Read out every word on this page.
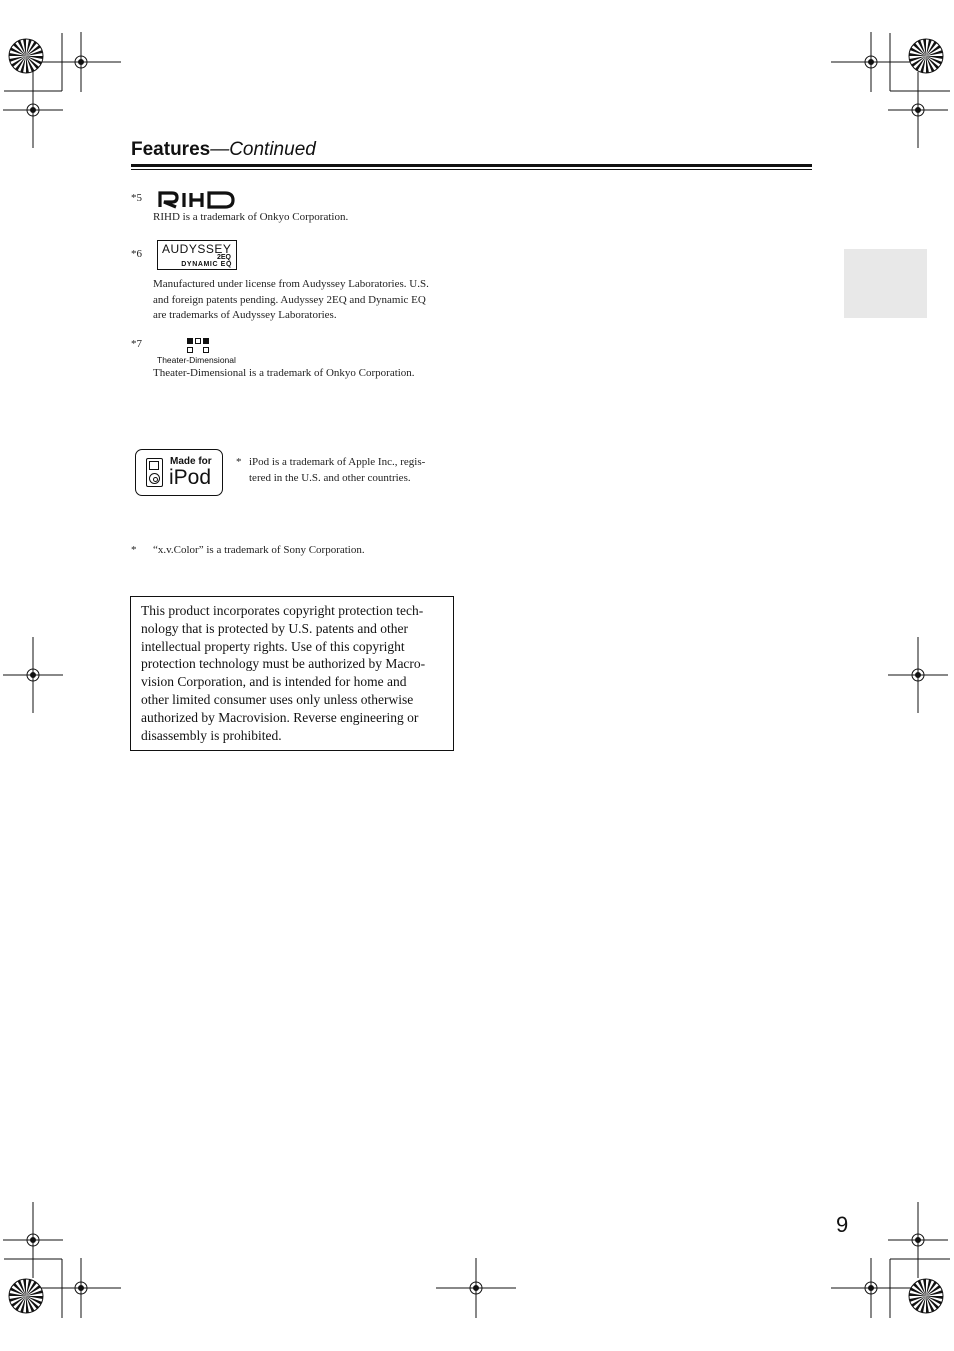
Features—Continued
*5
RIHD is a trademark of Onkyo Corporation.
*6 AUDYSSEY
2EQ
DYNAMIC EQ
Manufactured under license from Audyssey Laboratories. U.S.
and foreign patents pending. Audyssey 2EQ and Dynamic EQ
are trademarks of Audyssey Laboratories.
*7
Theater-Dimensional
Theater-Dimensional is a trademark of Onkyo Corporation.
Made for
iPod
* iPod is a trademark of Apple Inc., regis-
tered in the U.S. and other countries.
* “x.v.Color” is a trademark of Sony Corporation.
This product incorporates copyright protection tech-
nology that is protected by U.S. patents and other
intellectual property rights. Use of this copyright
protection technology must be authorized by Macro-
vision Corporation, and is intended for home and
other limited consumer uses only unless otherwise
authorized by Macrovision. Reverse engineering or
disassembly is prohibited.
9
